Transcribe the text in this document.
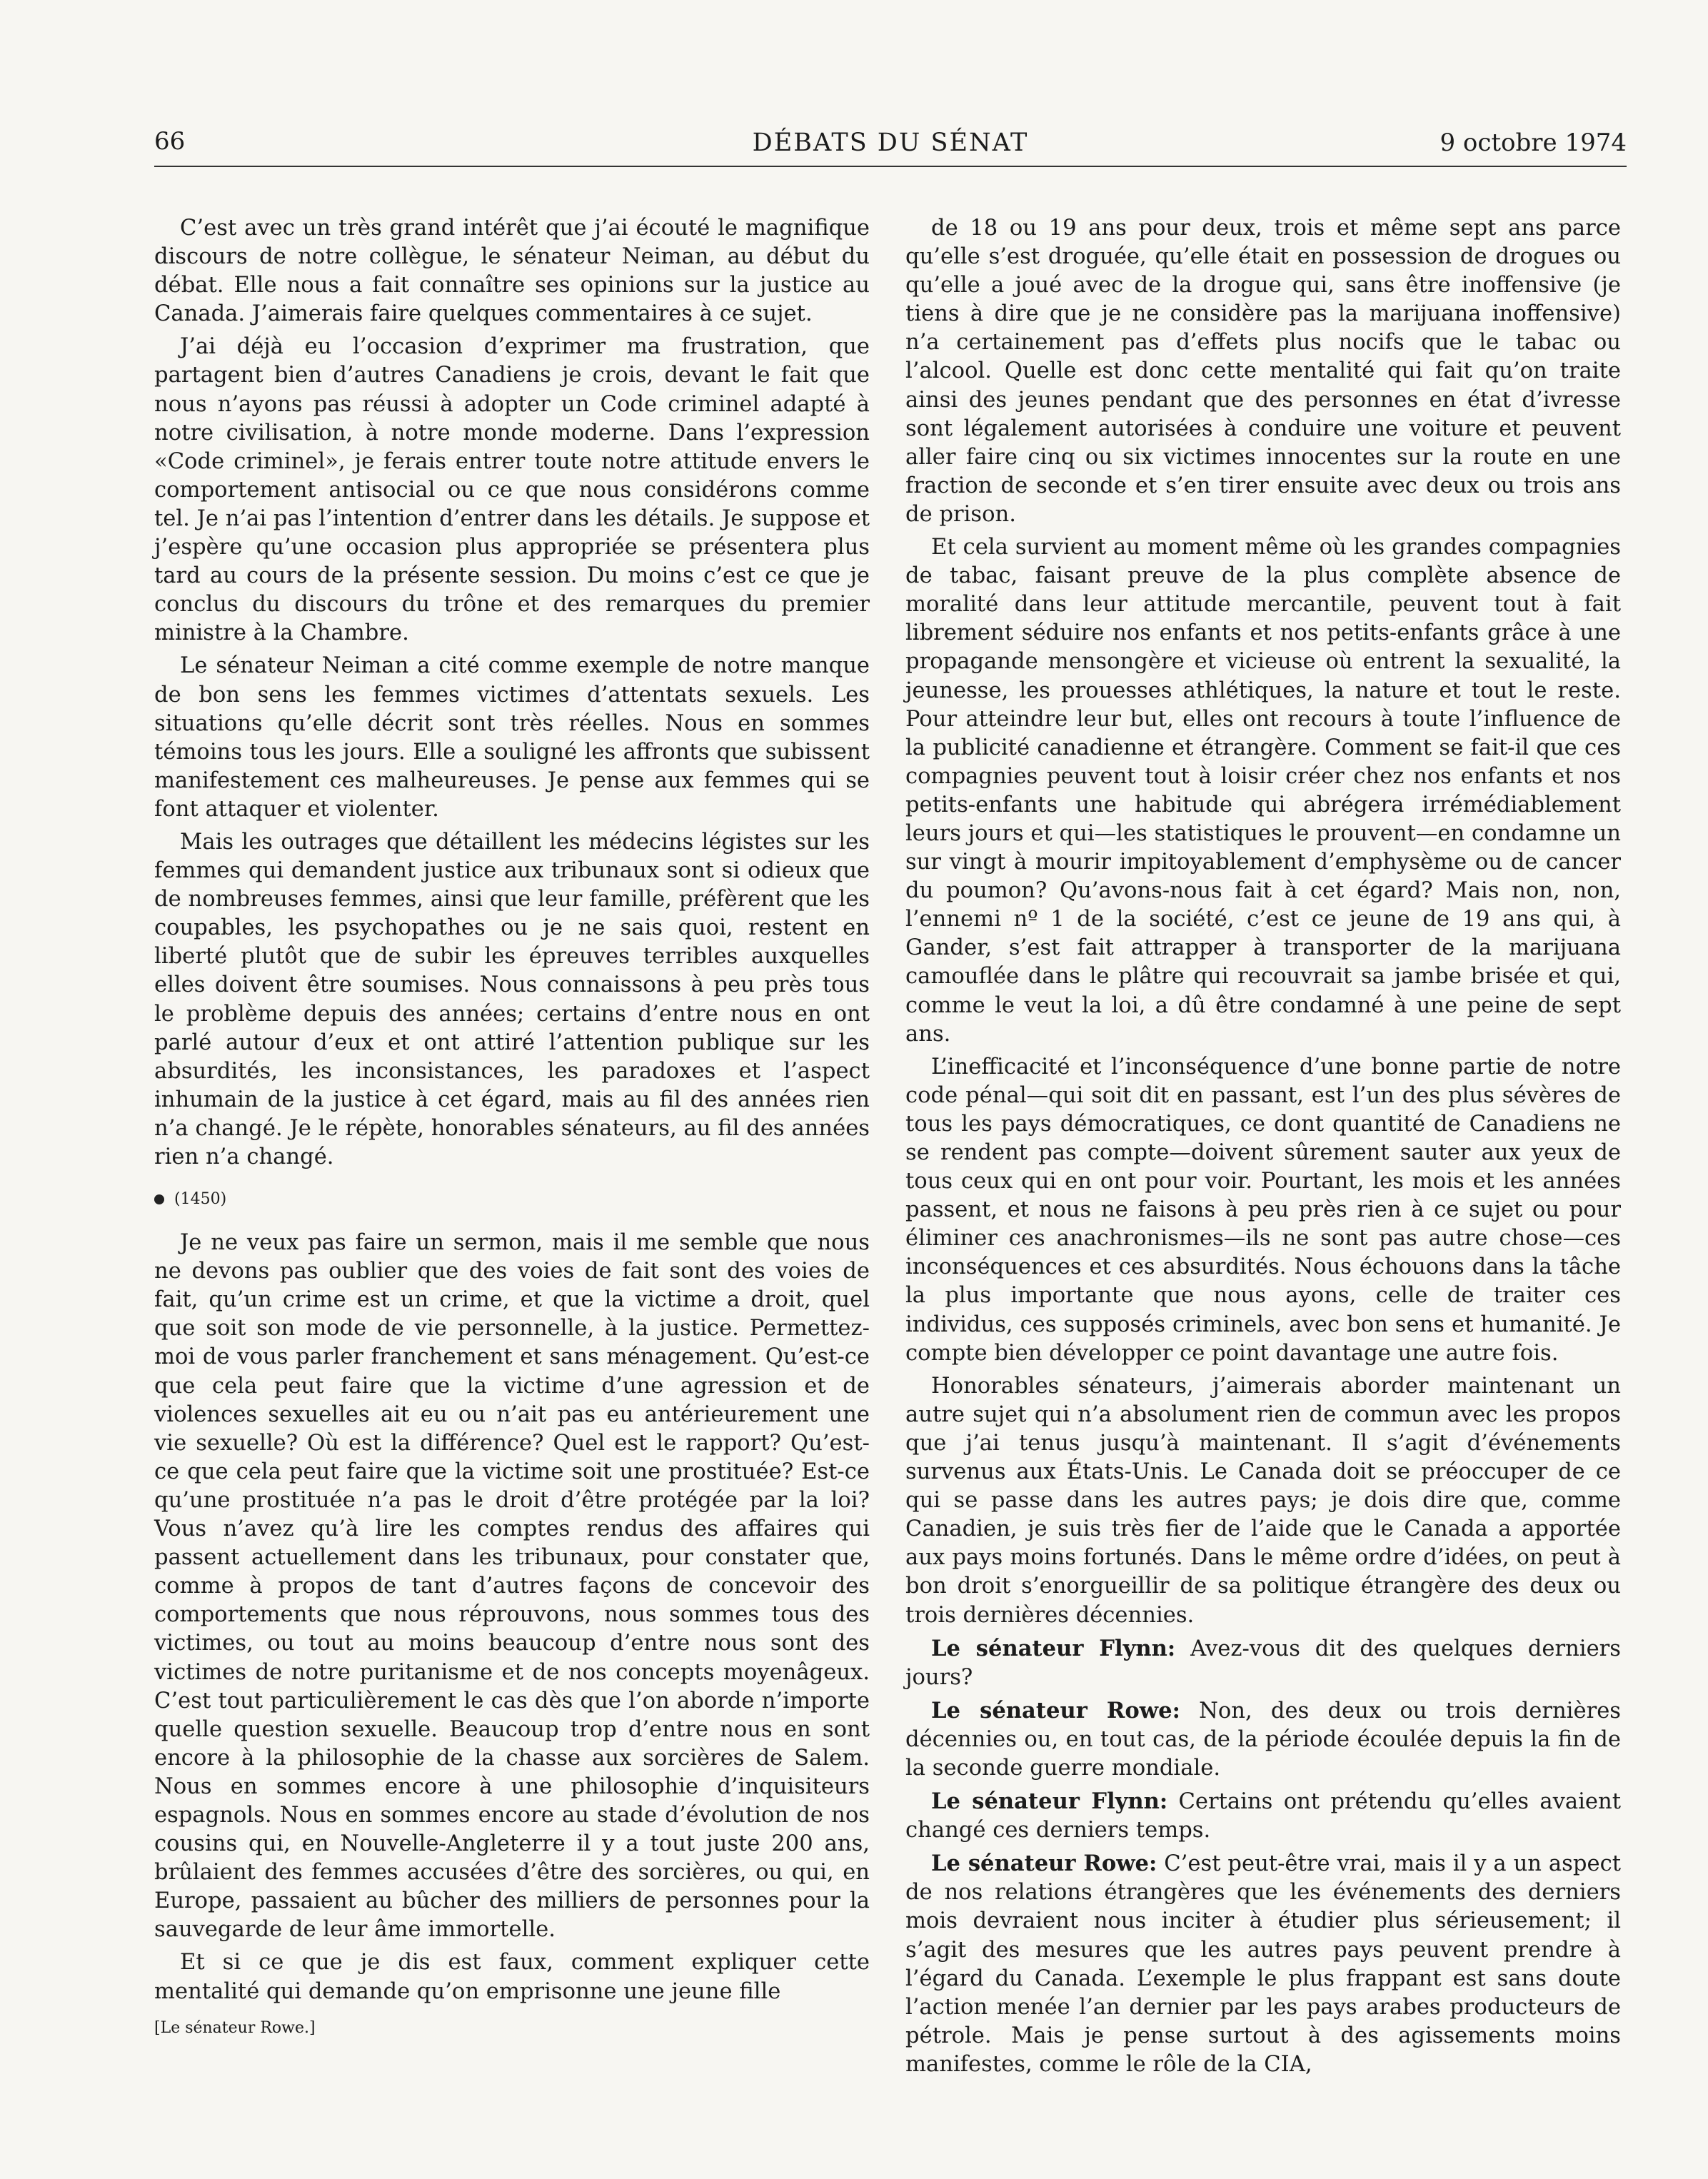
66	DÉBATS DU SÉNAT	9 octobre 1974

C’est avec un très grand intérêt que j’ai écouté le magnifique discours de notre collègue, le sénateur Neiman, au début du débat. Elle nous a fait connaître ses opinions sur la justice au Canada. J’aimerais faire quelques commentaires à ce sujet.

J’ai déjà eu l’occasion d’exprimer ma frustration, que partagent bien d’autres Canadiens je crois, devant le fait que nous n’ayons pas réussi à adopter un Code criminel adapté à notre civilisation, à notre monde moderne. Dans l’expression «Code criminel», je ferais entrer toute notre attitude envers le comportement antisocial ou ce que nous considérons comme tel. Je n’ai pas l’intention d’entrer dans les détails. Je suppose et j’espère qu’une occasion plus appropriée se présentera plus tard au cours de la présente session. Du moins c’est ce que je conclus du discours du trône et des remarques du premier ministre à la Chambre.

Le sénateur Neiman a cité comme exemple de notre manque de bon sens les femmes victimes d’attentats sexuels. Les situations qu’elle décrit sont très réelles. Nous en sommes témoins tous les jours. Elle a souligné les affronts que subissent manifestement ces malheureuses. Je pense aux femmes qui se font attaquer et violenter.

Mais les outrages que détaillent les médecins légistes sur les femmes qui demandent justice aux tribunaux sont si odieux que de nombreuses femmes, ainsi que leur famille, préfèrent que les coupables, les psychopathes ou je ne sais quoi, restent en liberté plutôt que de subir les épreuves terribles auxquelles elles doivent être soumises. Nous connaissons à peu près tous le problème depuis des années; certains d’entre nous en ont parlé autour d’eux et ont attiré l’attention publique sur les absurdités, les inconsistances, les paradoxes et l’aspect inhumain de la justice à cet égard, mais au fil des années rien n’a changé. Je le répète, honorables sénateurs, au fil des années rien n’a changé.

(1450)

Je ne veux pas faire un sermon, mais il me semble que nous ne devons pas oublier que des voies de fait sont des voies de fait, qu’un crime est un crime, et que la victime a droit, quel que soit son mode de vie personnelle, à la justice. Permettez-moi de vous parler franchement et sans ménagement. Qu’est-ce que cela peut faire que la victime d’une agression et de violences sexuelles ait eu ou n’ait pas eu antérieurement une vie sexuelle? Où est la différence? Quel est le rapport? Qu’est-ce que cela peut faire que la victime soit une prostituée? Est-ce qu’une prostituée n’a pas le droit d’être protégée par la loi? Vous n’avez qu’à lire les comptes rendus des affaires qui passent actuellement dans les tribunaux, pour constater que, comme à propos de tant d’autres façons de concevoir des comportements que nous réprouvons, nous sommes tous des victimes, ou tout au moins beaucoup d’entre nous sont des victimes de notre puritanisme et de nos concepts moyenâgeux. C’est tout particulièrement le cas dès que l’on aborde n’importe quelle question sexuelle. Beaucoup trop d’entre nous en sont encore à la philosophie de la chasse aux sorcières de Salem. Nous en sommes encore à une philosophie d’inquisiteurs espagnols. Nous en sommes encore au stade d’évolution de nos cousins qui, en Nouvelle-Angleterre il y a tout juste 200 ans, brûlaient des femmes accusées d’être des sorcières, ou qui, en Europe, passaient au bûcher des milliers de personnes pour la sauvegarde de leur âme immortelle.

Et si ce que je dis est faux, comment expliquer cette mentalité qui demande qu’on emprisonne une jeune fille

[Le sénateur Rowe.]

de 18 ou 19 ans pour deux, trois et même sept ans parce qu’elle s’est droguée, qu’elle était en possession de drogues ou qu’elle a joué avec de la drogue qui, sans être inoffensive (je tiens à dire que je ne considère pas la marijuana inoffensive) n’a certainement pas d’effets plus nocifs que le tabac ou l’alcool. Quelle est donc cette mentalité qui fait qu’on traite ainsi des jeunes pendant que des personnes en état d’ivresse sont légalement autorisées à conduire une voiture et peuvent aller faire cinq ou six victimes innocentes sur la route en une fraction de seconde et s’en tirer ensuite avec deux ou trois ans de prison.

Et cela survient au moment même où les grandes compagnies de tabac, faisant preuve de la plus complète absence de moralité dans leur attitude mercantile, peuvent tout à fait librement séduire nos enfants et nos petits-enfants grâce à une propagande mensongère et vicieuse où entrent la sexualité, la jeunesse, les prouesses athlétiques, la nature et tout le reste. Pour atteindre leur but, elles ont recours à toute l’influence de la publicité canadienne et étrangère. Comment se fait-il que ces compagnies peuvent tout à loisir créer chez nos enfants et nos petits-enfants une habitude qui abrégera irrémédiablement leurs jours et qui—les statistiques le prouvent—en condamne un sur vingt à mourir impitoyablement d’emphysème ou de cancer du poumon? Qu’avons-nous fait à cet égard? Mais non, non, l’ennemi nº 1 de la société, c’est ce jeune de 19 ans qui, à Gander, s’est fait attrapper à transporter de la marijuana camouflée dans le plâtre qui recouvrait sa jambe brisée et qui, comme le veut la loi, a dû être condamné à une peine de sept ans.

L’inefficacité et l’inconséquence d’une bonne partie de notre code pénal—qui soit dit en passant, est l’un des plus sévères de tous les pays démocratiques, ce dont quantité de Canadiens ne se rendent pas compte—doivent sûrement sauter aux yeux de tous ceux qui en ont pour voir. Pourtant, les mois et les années passent, et nous ne faisons à peu près rien à ce sujet ou pour éliminer ces anachronismes—ils ne sont pas autre chose—ces inconséquences et ces absurdités. Nous échouons dans la tâche la plus importante que nous ayons, celle de traiter ces individus, ces supposés criminels, avec bon sens et humanité. Je compte bien développer ce point davantage une autre fois.

Honorables sénateurs, j’aimerais aborder maintenant un autre sujet qui n’a absolument rien de commun avec les propos que j’ai tenus jusqu’à maintenant. Il s’agit d’événements survenus aux États-Unis. Le Canada doit se préoccuper de ce qui se passe dans les autres pays; je dois dire que, comme Canadien, je suis très fier de l’aide que le Canada a apportée aux pays moins fortunés. Dans le même ordre d’idées, on peut à bon droit s’enorgueillir de sa politique étrangère des deux ou trois dernières décennies.

Le sénateur Flynn: Avez-vous dit des quelques derniers jours?

Le sénateur Rowe: Non, des deux ou trois dernières décennies ou, en tout cas, de la période écoulée depuis la fin de la seconde guerre mondiale.

Le sénateur Flynn: Certains ont prétendu qu’elles avaient changé ces derniers temps.

Le sénateur Rowe: C’est peut-être vrai, mais il y a un aspect de nos relations étrangères que les événements des derniers mois devraient nous inciter à étudier plus sérieusement; il s’agit des mesures que les autres pays peuvent prendre à l’égard du Canada. L’exemple le plus frappant est sans doute l’action menée l’an dernier par les pays arabes producteurs de pétrole. Mais je pense surtout à des agissements moins manifestes, comme le rôle de la CIA,
